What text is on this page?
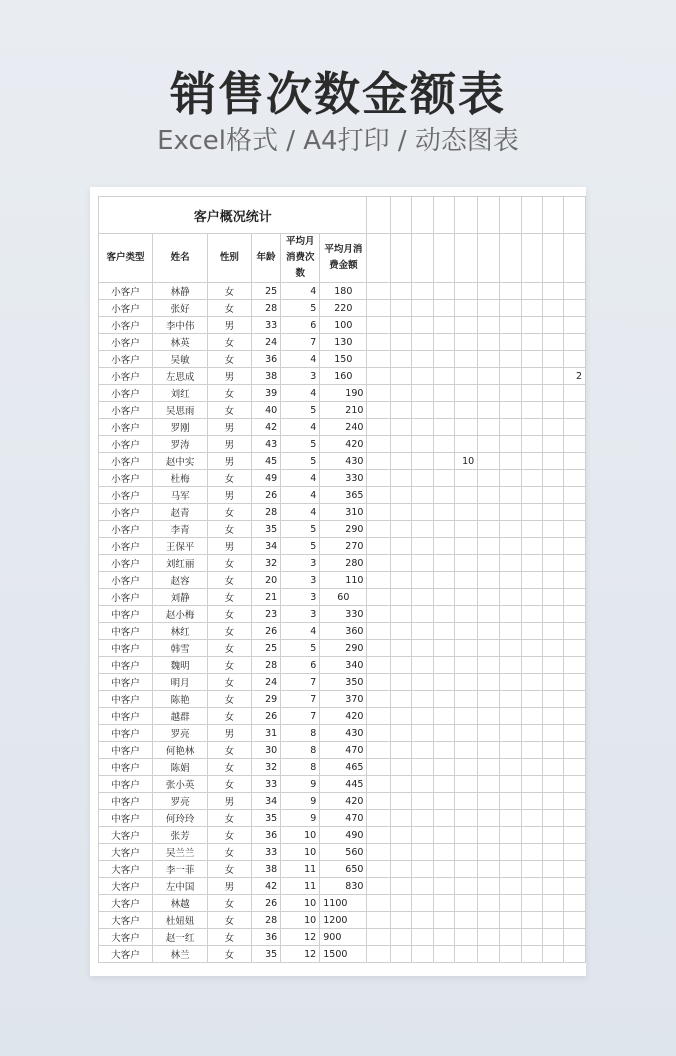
销售次数金额表
Excel格式 / A4打印 / 动态图表
客户概况统计															
客户类型	姓名	性别	年龄	平均月消费次数	平均月消费金额										
小客户	林静	女	25	4	180										
小客户	张好	女	28	5	220										
小客户	李中伟	男	33	6	100										
小客户	林英	女	24	7	130										
小客户	吴敏	女	36	4	150										
小客户	左思成	男	38	3	160										2
小客户	刘红	女	39	4	190										
小客户	吴思雨	女	40	5	210										
小客户	罗刚	男	42	4	240										
小客户	罗涛	男	43	5	420										
小客户	赵中实	男	45	5	430					10					
小客户	杜梅	女	49	4	330										
小客户	马军	男	26	4	365										
小客户	赵青	女	28	4	310										
小客户	李青	女	35	5	290										
小客户	王保平	男	34	5	270										
小客户	刘红丽	女	32	3	280										
小客户	赵容	女	20	3	110										
小客户	刘静	女	21	3	60										
中客户	赵小梅	女	23	3	330										
中客户	林红	女	26	4	360										
中客户	韩雪	女	25	5	290										
中客户	魏明	女	28	6	340										
中客户	明月	女	24	7	350										
中客户	陈艳	女	29	7	370										
中客户	越群	女	26	7	420										
中客户	罗亮	男	31	8	430										
中客户	何艳林	女	30	8	470										
中客户	陈娟	女	32	8	465										
中客户	张小英	女	33	9	445										
中客户	罗亮	男	34	9	420										
中客户	何玲玲	女	35	9	470										
大客户	张芳	女	36	10	490										
大客户	吴兰兰	女	33	10	560										
大客户	李一菲	女	38	11	650										
大客户	左中国	男	42	11	830										
大客户	林越	女	26	10	1100										
大客户	杜妞妞	女	28	10	1200										
大客户	赵一红	女	36	12	900										
大客户	林兰	女	35	12	1500										
